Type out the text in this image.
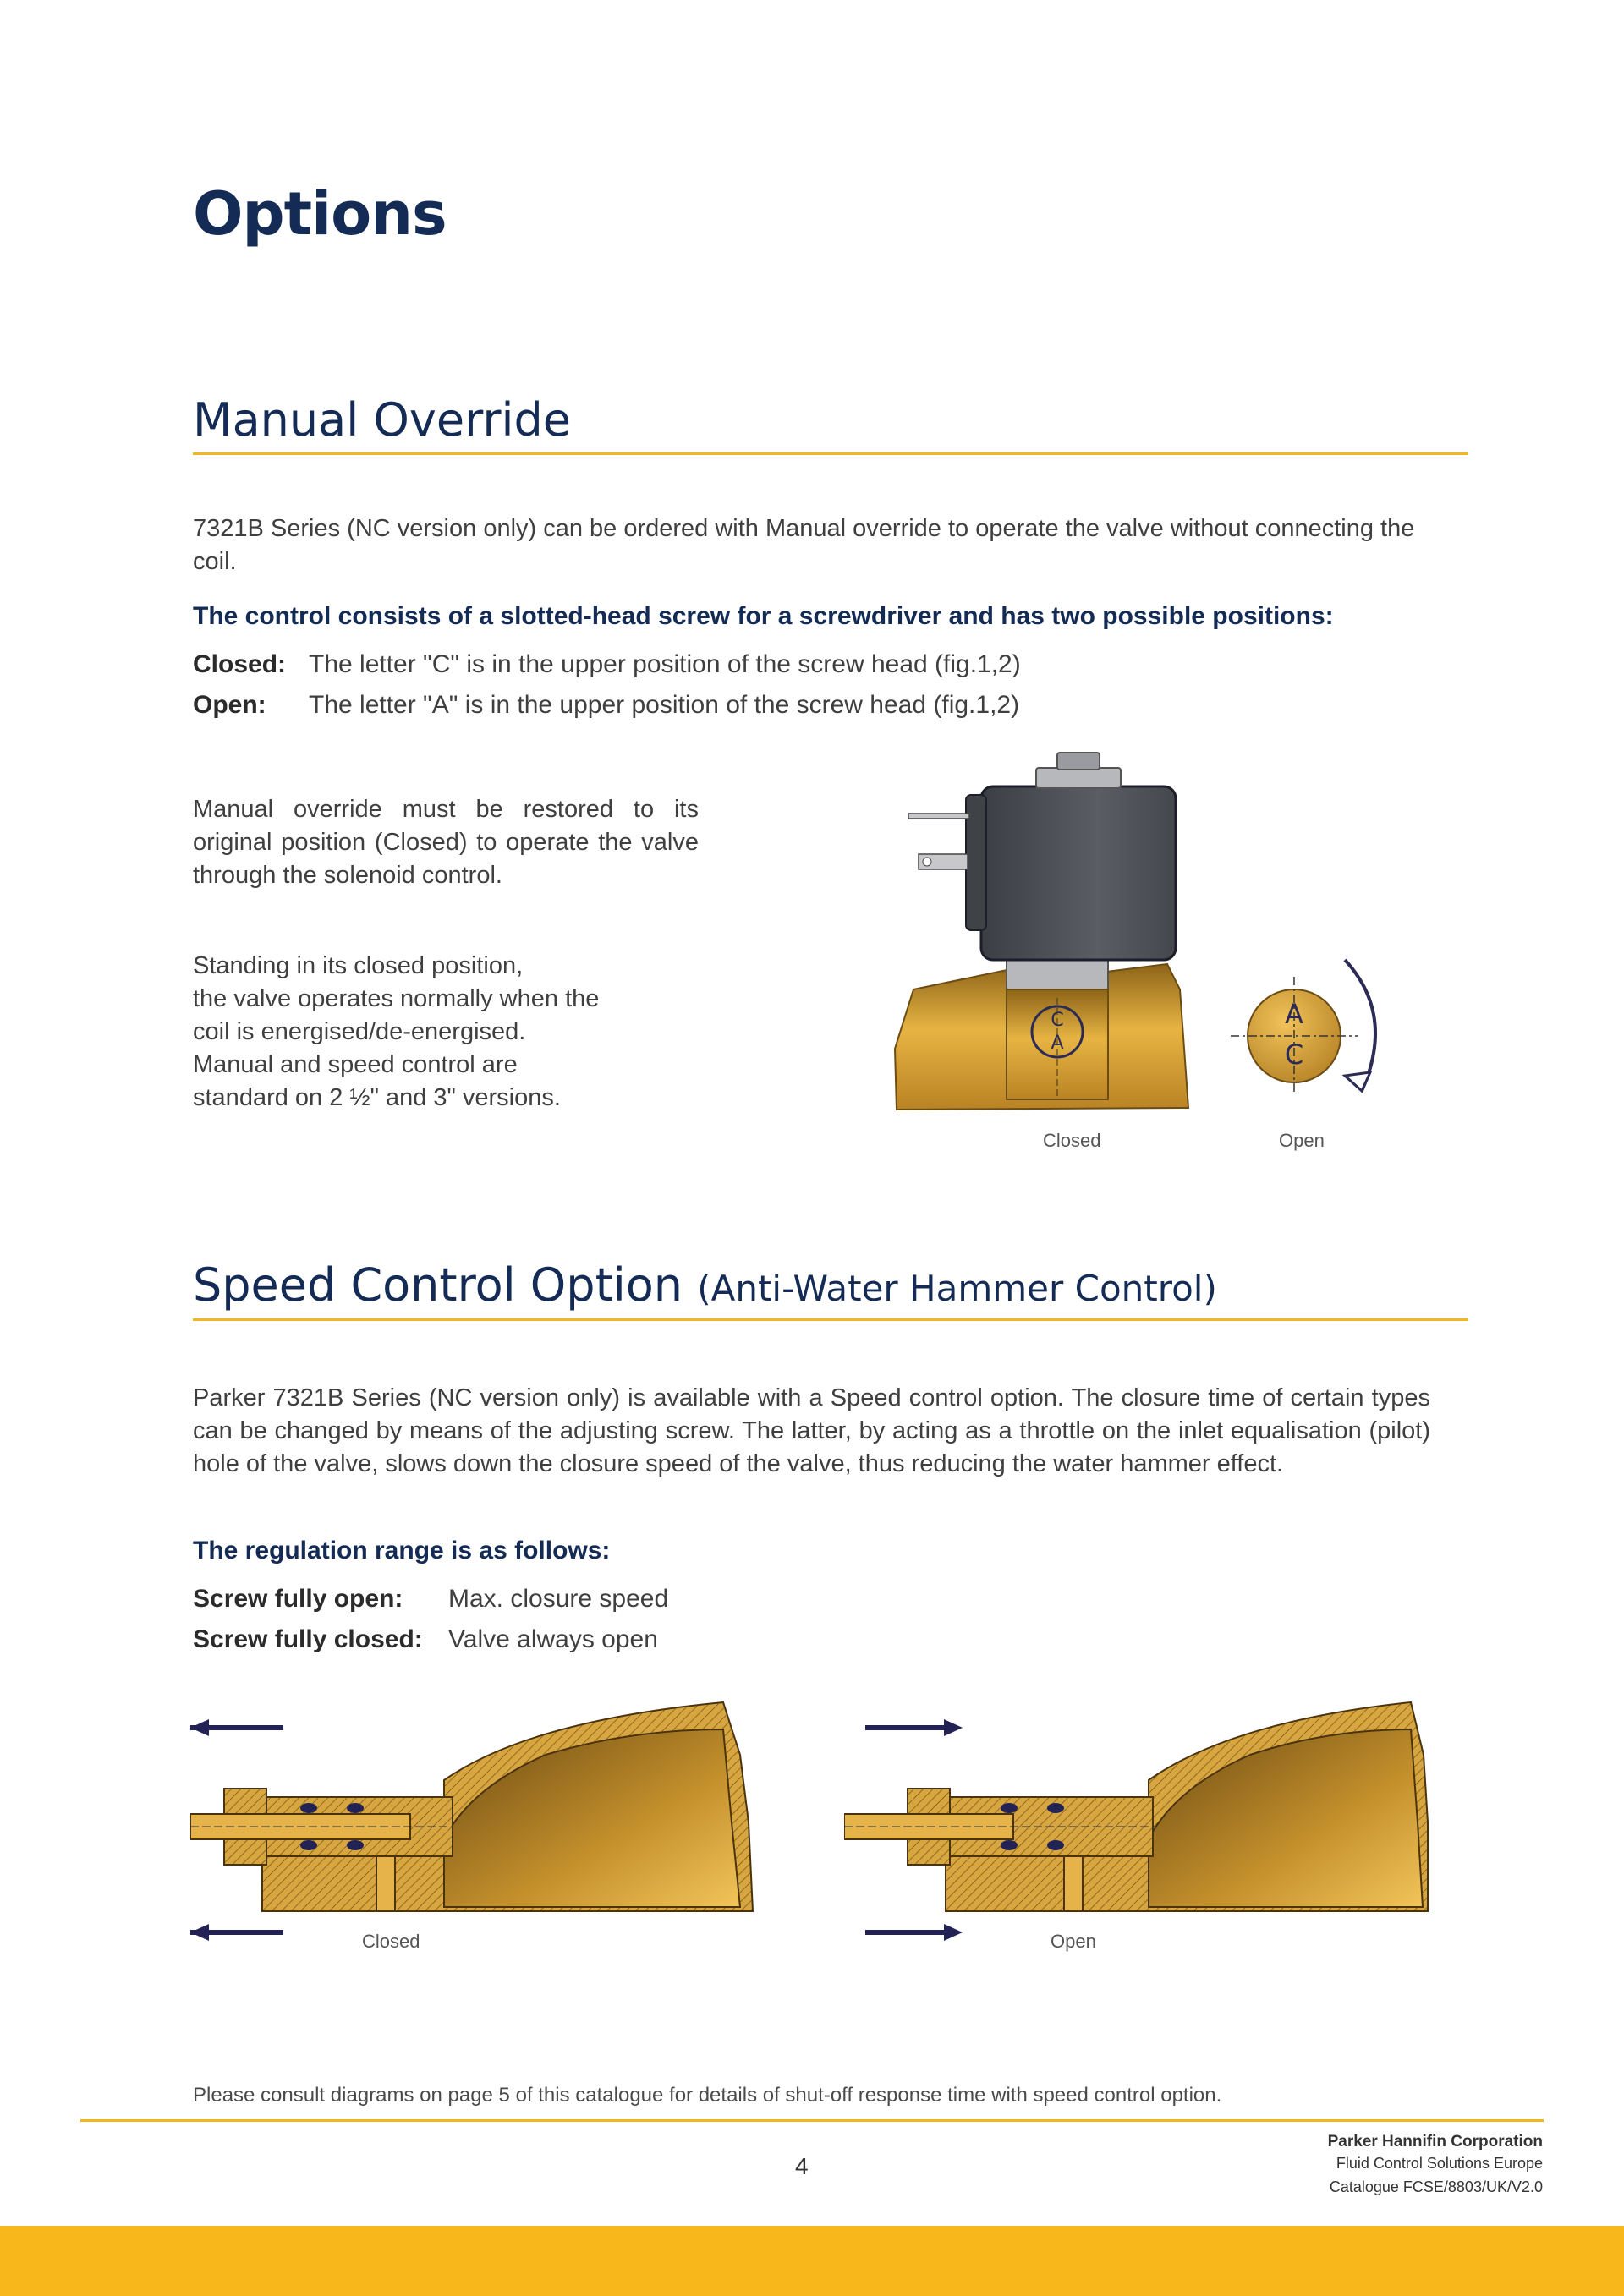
Options
Manual Override

7321B Series (NC version only) can be ordered with Manual override to operate the valve without connecting the coil.

The control consists of a slotted-head screw for a screwdriver and has two possible positions:

Closed: The letter "C" is in the upper position of the screw head (fig.1,2)
Open: The letter "A" is in the upper position of the screw head (fig.1,2)

Manual override must be restored to its original position (Closed) to operate the valve through the solenoid control.

Standing in its closed position,
the valve operates normally when the
coil is energised/de-energised.
Manual and speed control are
standard on 2 ½" and 3" versions.
C
A
A
C
Closed	Open
Speed Control Option (Anti-Water Hammer Control)

Parker 7321B Series (NC version only) is available with a Speed control option. The closure time of certain types can be changed by means of the adjusting screw. The latter, by acting as a throttle on the inlet equalisation (pilot) hole of the valve, slows down the closure speed of the valve, thus reducing the water hammer effect.

The regulation range is as follows:

Screw fully open: Max. closure speed
Screw fully closed: Valve always open
Closed	Open
Please consult diagrams on page 5 of this catalogue for details of shut-off response time with speed control option.
4
Parker Hannifin Corporation
Fluid Control Solutions Europe
Catalogue FCSE/8803/UK/V2.0
